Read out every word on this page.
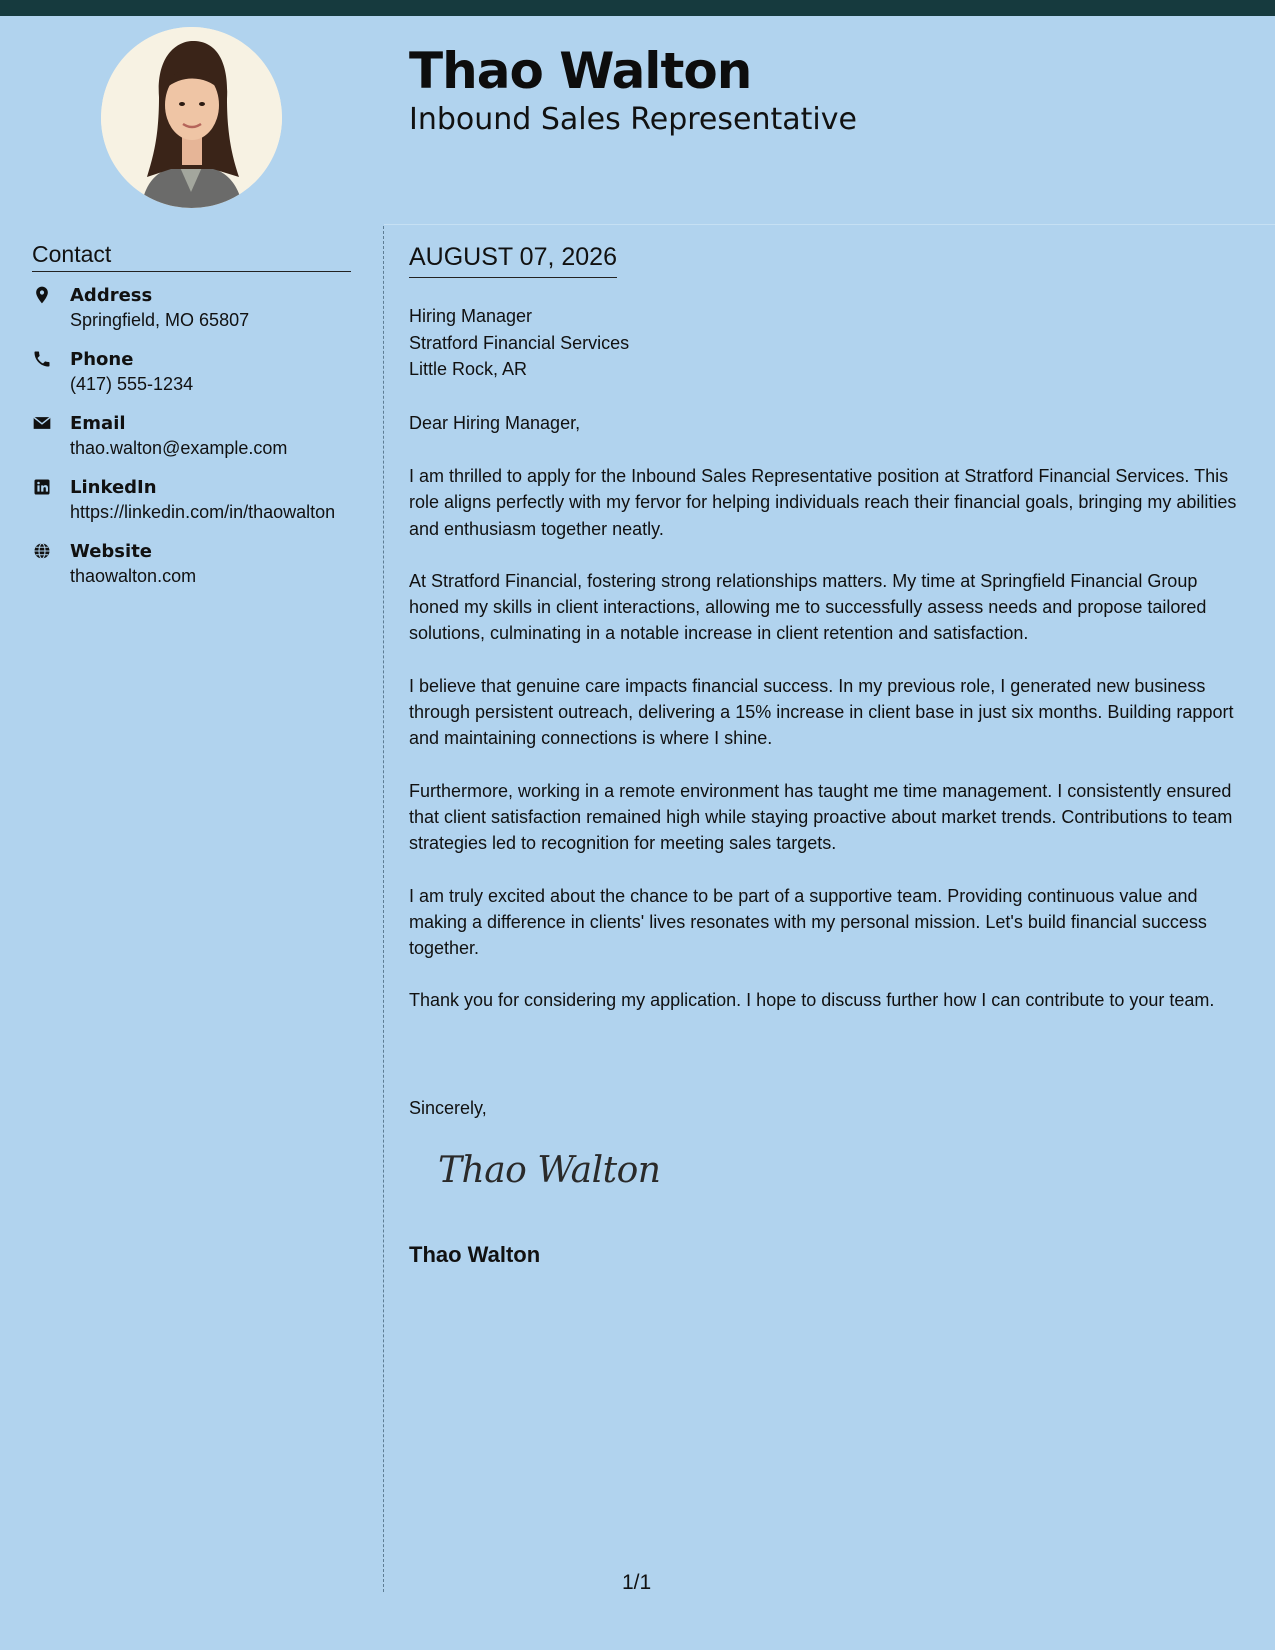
Thao Walton
Inbound Sales Representative
Contact
Address
Springfield, MO 65807
Phone
(417) 555-1234
Email
thao.walton@example.com
LinkedIn
https://linkedin.com/in/thaowalton
Website
thaowalton.com
AUGUST 07, 2026
Hiring Manager
Stratford Financial Services
Little Rock, AR
Dear Hiring Manager,

I am thrilled to apply for the Inbound Sales Representative position at Stratford Financial Services. This role aligns perfectly with my fervor for helping individuals reach their financial goals, bringing my abilities and enthusiasm together neatly.

At Stratford Financial, fostering strong relationships matters. My time at Springfield Financial Group honed my skills in client interactions, allowing me to successfully assess needs and propose tailored solutions, culminating in a notable increase in client retention and satisfaction.

I believe that genuine care impacts financial success. In my previous role, I generated new business through persistent outreach, delivering a 15% increase in client base in just six months. Building rapport and maintaining connections is where I shine.

Furthermore, working in a remote environment has taught me time management. I consistently ensured that client satisfaction remained high while staying proactive about market trends. Contributions to team strategies led to recognition for meeting sales targets.

I am truly excited about the chance to be part of a supportive team. Providing continuous value and making a difference in clients' lives resonates with my personal mission. Let's build financial success together.

Thank you for considering my application. I hope to discuss further how I can contribute to your team.

Sincerely,
Thao Walton
Thao Walton
1/1
